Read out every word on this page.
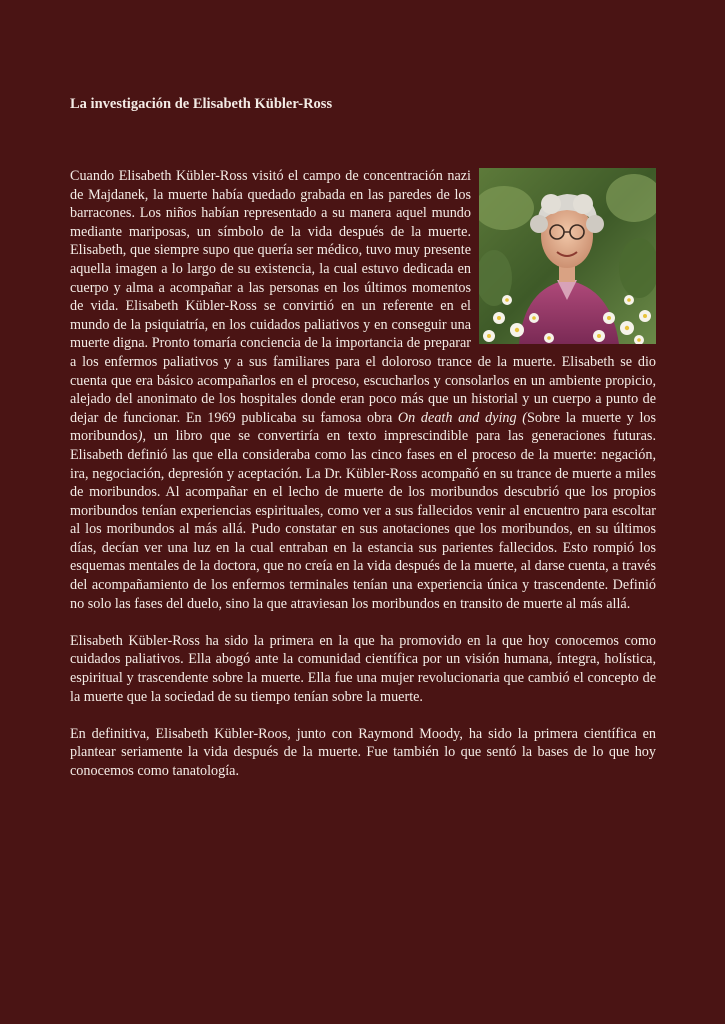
La investigación de Elisabeth Kübler-Ross

Cuando Elisabeth Kübler-Ross visitó el campo de concentración nazi de Majdanek, la muerte había quedado grabada en las paredes de los barracones. Los niños habían representado a su manera aquel mundo mediante mariposas, un símbolo de la vida después de la muerte. Elisabeth, que siempre supo que quería ser médico, tuvo muy presente aquella imagen a lo largo de su existencia, la cual estuvo dedicada en cuerpo y alma a acompañar a las personas en los últimos momentos de vida. Elisabeth Kübler-Ross se convirtió en un referente en el mundo de la psiquiatría, en los cuidados paliativos y en conseguir una muerte digna. Pronto tomaría conciencia de la importancia de preparar a los enfermos paliativos y a sus familiares para el doloroso trance de la muerte. Elisabeth se dio cuenta que era básico acompañarlos en el proceso, escucharlos y consolarlos en un ambiente propicio, alejado del anonimato de los hospitales donde eran poco más que un historial y un cuerpo a punto de dejar de funcionar. En 1969 publicaba su famosa obra On death and dying (Sobre la muerte y los moribundos), un libro que se convertiría en texto imprescindible para las generaciones futuras. Elisabeth definió las que ella consideraba como las cinco fases en el proceso de la muerte: negación, ira, negociación, depresión y aceptación. La Dr. Kübler-Ross acompañó en su trance de muerte a miles de moribundos. Al acompañar en el lecho de muerte de los moribundos descubrió que los propios moribundos tenían experiencias espirituales, como ver a sus fallecidos venir al encuentro para escoltar al los moribundos al más allá. Pudo constatar en sus anotaciones que los moribundos, en su últimos días, decían ver una luz en la cual entraban en la estancia sus parientes fallecidos. Esto rompió los esquemas mentales de la doctora, que no creía en la vida después de la muerte, al darse cuenta, a través del acompañamiento de los enfermos terminales tenían una experiencia única y trascendente. Definió no solo las fases del duelo, sino la que atraviesan los moribundos en transito de muerte al más allá.

Elisabeth Kübler-Ross ha sido la primera en la que ha promovido en la que hoy conocemos como cuidados paliativos. Ella abogó ante la comunidad científica por un visión humana, íntegra, holística, espiritual y trascendente sobre la muerte. Ella fue una mujer revolucionaria que cambió el concepto de la muerte que la sociedad de su tiempo tenían sobre la muerte.

En definitiva, Elisabeth Kübler-Roos, junto con Raymond Moody, ha sido la primera científica en plantear seriamente la vida después de la muerte. Fue también lo que sentó la bases de lo que hoy conocemos como tanatología.
